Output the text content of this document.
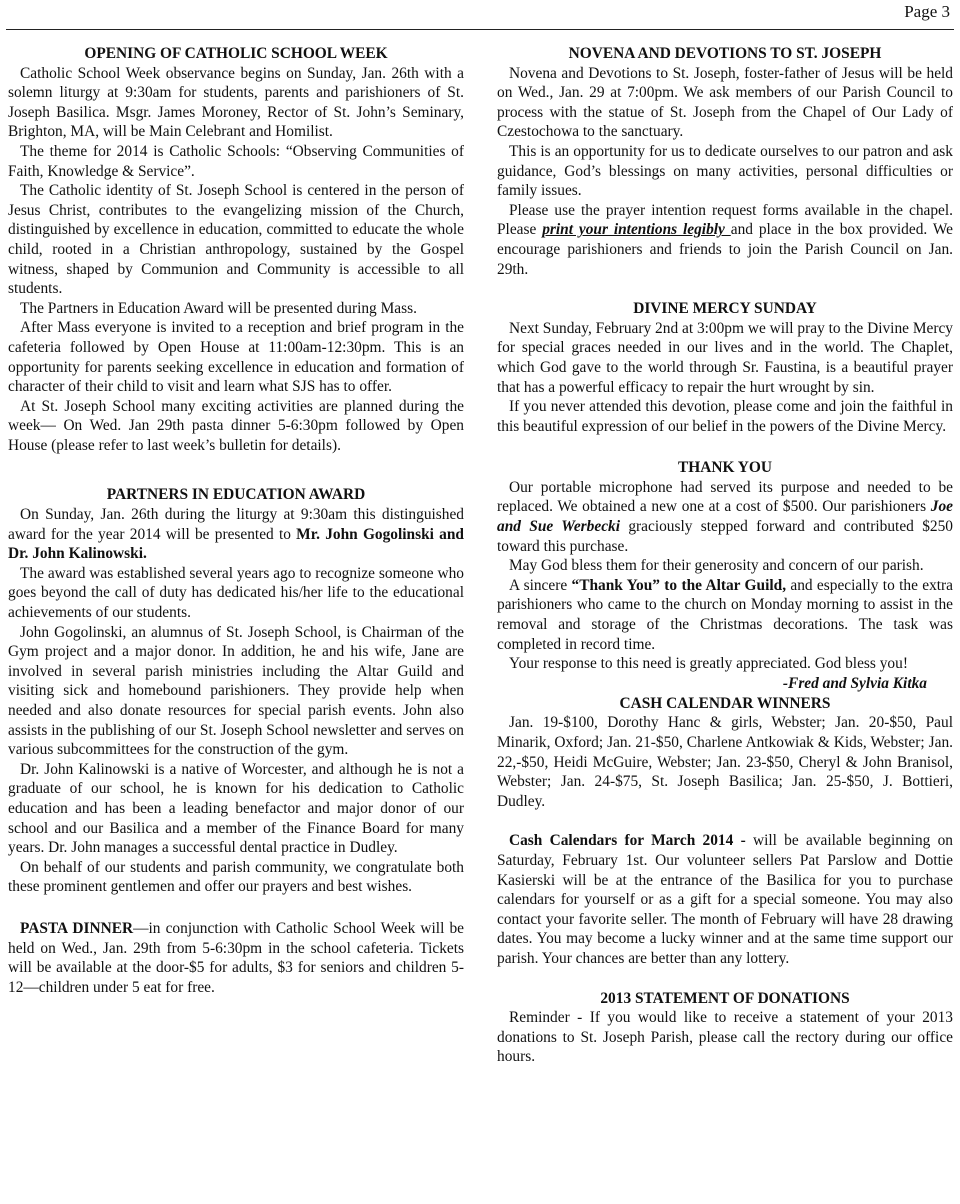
Page 3
OPENING OF CATHOLIC SCHOOL WEEK

Catholic School Week observance begins on Sunday, Jan. 26th with a solemn liturgy at 9:30am for students, parents and parishioners of St. Joseph Basilica. Msgr. James Moroney, Rector of St. John’s Seminary, Brighton, MA, will be Main Celebrant and Homilist.

The theme for 2014 is Catholic Schools: “Observing Communities of Faith, Knowledge & Service”.

The Catholic identity of St. Joseph School is centered in the person of Jesus Christ, contributes to the evangelizing mission of the Church, distinguished by excellence in education, committed to educate the whole child, rooted in a Christian anthropology, sustained by the Gospel witness, shaped by Communion and Community is accessible to all students.

The Partners in Education Award will be presented during Mass.

After Mass everyone is invited to a reception and brief program in the cafeteria followed by Open House at 11:00am-12:30pm. This is an opportunity for parents seeking excellence in education and formation of character of their child to visit and learn what SJS has to offer.

At St. Joseph School many exciting activities are planned during the week— On Wed. Jan 29th pasta dinner 5-6:30pm followed by Open House (please refer to last week’s bulletin for details).

PARTNERS IN EDUCATION AWARD

On Sunday, Jan. 26th during the liturgy at 9:30am this distinguished award for the year 2014 will be presented to Mr. John Gogolinski and Dr. John Kalinowski.

The award was established several years ago to recognize someone who goes beyond the call of duty has dedicated his/her life to the educational achievements of our students.

John Gogolinski, an alumnus of St. Joseph School, is Chairman of the Gym project and a major donor. In addition, he and his wife, Jane are involved in several parish ministries including the Altar Guild and visiting sick and homebound parishioners. They provide help when needed and also donate resources for special parish events. John also assists in the publishing of our St. Joseph School newsletter and serves on various subcommittees for the construction of the gym.

Dr. John Kalinowski is a native of Worcester, and although he is not a graduate of our school, he is known for his dedication to Catholic education and has been a leading benefactor and major donor of our school and our Basilica and a member of the Finance Board for many years. Dr. John manages a successful dental practice in Dudley.

On behalf of our students and parish community, we congratulate both these prominent gentlemen and offer our prayers and best wishes.

PASTA DINNER—in conjunction with Catholic School Week will be held on Wed., Jan. 29th from 5-6:30pm in the school cafeteria. Tickets will be available at the door-$5 for adults, $3 for seniors and children 5-12—children under 5 eat for free.

NOVENA AND DEVOTIONS TO ST. JOSEPH

Novena and Devotions to St. Joseph, foster-father of Jesus will be held on Wed., Jan. 29 at 7:00pm. We ask members of our Parish Council to process with the statue of St. Joseph from the Chapel of Our Lady of Czestochowa to the sanctuary.

This is an opportunity for us to dedicate ourselves to our patron and ask guidance, God’s blessings on many activities, personal difficulties or family issues.

Please use the prayer intention request forms available in the chapel. Please print your intentions legibly and place in the box provided. We encourage parishioners and friends to join the Parish Council on Jan. 29th.

DIVINE MERCY SUNDAY

Next Sunday, February 2nd at 3:00pm we will pray to the Divine Mercy for special graces needed in our lives and in the world. The Chaplet, which God gave to the world through Sr. Faustina, is a beautiful prayer that has a powerful efficacy to repair the hurt wrought by sin.

If you never attended this devotion, please come and join the faithful in this beautiful expression of our belief in the powers of the Divine Mercy.

THANK YOU

Our portable microphone had served its purpose and needed to be replaced. We obtained a new one at a cost of $500. Our parishioners Joe and Sue Werbecki graciously stepped forward and contributed $250 toward this purchase.

May God bless them for their generosity and concern of our parish.

A sincere “Thank You” to the Altar Guild, and especially to the extra parishioners who came to the church on Monday morning to assist in the removal and storage of the Christmas decorations. The task was completed in record time.

Your response to this need is greatly appreciated. God bless you!
-Fred and Sylvia Kitka

CASH CALENDAR WINNERS

Jan. 19-$100, Dorothy Hanc & girls, Webster; Jan. 20-$50, Paul Minarik, Oxford; Jan. 21-$50, Charlene Antkowiak & Kids, Webster; Jan. 22,-$50, Heidi McGuire, Webster; Jan. 23-$50, Cheryl & John Branisol, Webster; Jan. 24-$75, St. Joseph Basilica; Jan. 25-$50, J. Bottieri, Dudley.

Cash Calendars for March 2014 - will be available beginning on Saturday, February 1st. Our volunteer sellers Pat Parslow and Dottie Kasierski will be at the entrance of the Basilica for you to purchase calendars for yourself or as a gift for a special someone. You may also contact your favorite seller. The month of February will have 28 drawing dates. You may become a lucky winner and at the same time support our parish. Your chances are better than any lottery.

2013 STATEMENT OF DONATIONS

Reminder - If you would like to receive a statement of your 2013 donations to St. Joseph Parish, please call the rectory during our office hours.
